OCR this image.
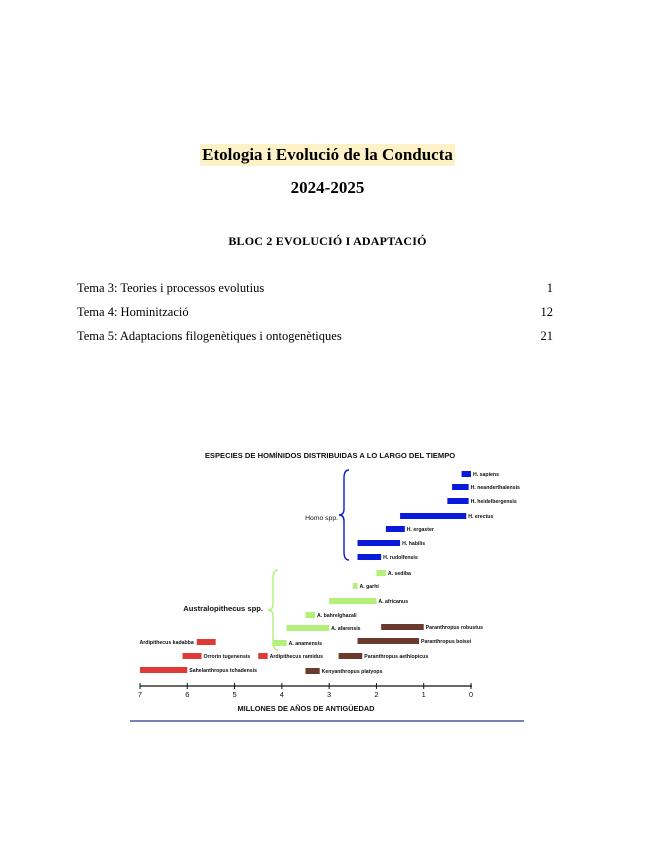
Etologia i Evolució de la Conducta
2024-2025
BLOC 2 EVOLUCIÓ I ADAPTACIÓ
Tema 3: Teories i processos evolutius	1
Tema 4: Hominització	12
Tema 5: Adaptacions filogenètiques i ontogenètiques	21
ESPECIES DE HOMÍNIDOS DISTRIBUIDAS A LO LARGO DEL TIEMPO
H. sapiens
H. neanderthalensis
H. heidelbergensis
H. erectus
H. ergaster
H. habilis
H. rudolfensis
A. sediba
A. garhi
A. africanus
A. bahrelghazali
A. afarensis	Paranthropus robustus
Paranthropus boisei
A. anamensis
Ardipithecus kadabba
Paranthropus aethiopicus
Orrorin tugenensis	Ardipithecus ramidus
Sahelanthropus tchadensis	Kenyanthropus platyops
Homo spp.
Australopithecus spp.
7	6	5	4	3	2	1	0
MILLONES DE AÑOS DE ANTIGÜEDAD
